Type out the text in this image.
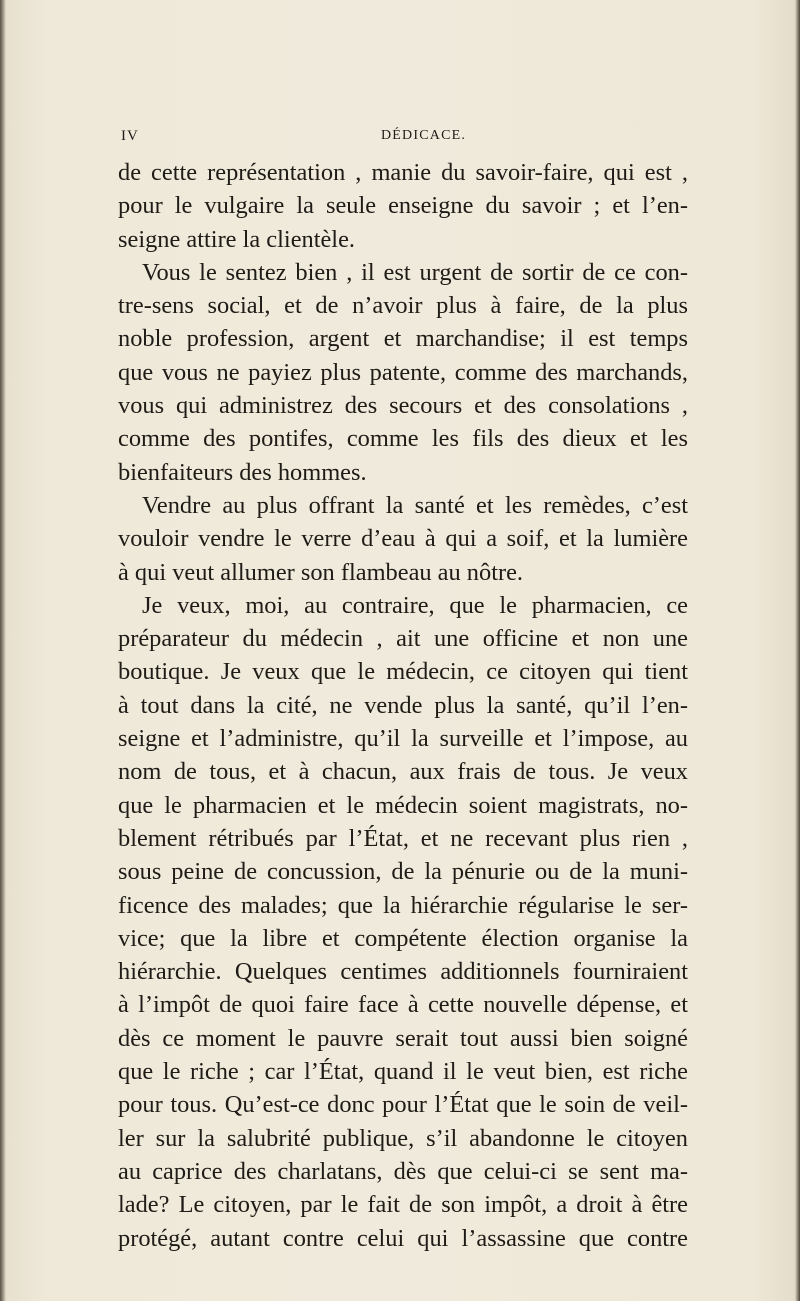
IV	DÉDICACE.
de cette représentation , manie du savoir-faire, qui est ,
pour le vulgaire la seule enseigne du savoir ; et l’en-
seigne attire la clientèle.
Vous le sentez bien , il est urgent de sortir de ce con-
tre-sens social, et de n’avoir plus à faire, de la plus
noble profession, argent et marchandise; il est temps
que vous ne payiez plus patente, comme des marchands,
vous qui administrez des secours et des consolations ,
comme des pontifes, comme les fils des dieux et les
bienfaiteurs des hommes.
Vendre au plus offrant la santé et les remèdes, c’est
vouloir vendre le verre d’eau à qui a soif, et la lumière
à qui veut allumer son flambeau au nôtre.
Je veux, moi, au contraire, que le pharmacien, ce
préparateur du médecin , ait une officine et non une
boutique. Je veux que le médecin, ce citoyen qui tient
à tout dans la cité, ne vende plus la santé, qu’il l’en-
seigne et l’administre, qu’il la surveille et l’impose, au
nom de tous, et à chacun, aux frais de tous. Je veux
que le pharmacien et le médecin soient magistrats, no-
blement rétribués par l’État, et ne recevant plus rien ,
sous peine de concussion, de la pénurie ou de la muni-
ficence des malades; que la hiérarchie régularise le ser-
vice; que la libre et compétente élection organise la
hiérarchie. Quelques centimes additionnels fourniraient
à l’impôt de quoi faire face à cette nouvelle dépense, et
dès ce moment le pauvre serait tout aussi bien soigné
que le riche ; car l’État, quand il le veut bien, est riche
pour tous. Qu’est-ce donc pour l’État que le soin de veil-
ler sur la salubrité publique, s’il abandonne le citoyen
au caprice des charlatans, dès que celui-ci se sent ma-
lade? Le citoyen, par le fait de son impôt, a droit à être
protégé, autant contre celui qui l’assassine que contre
